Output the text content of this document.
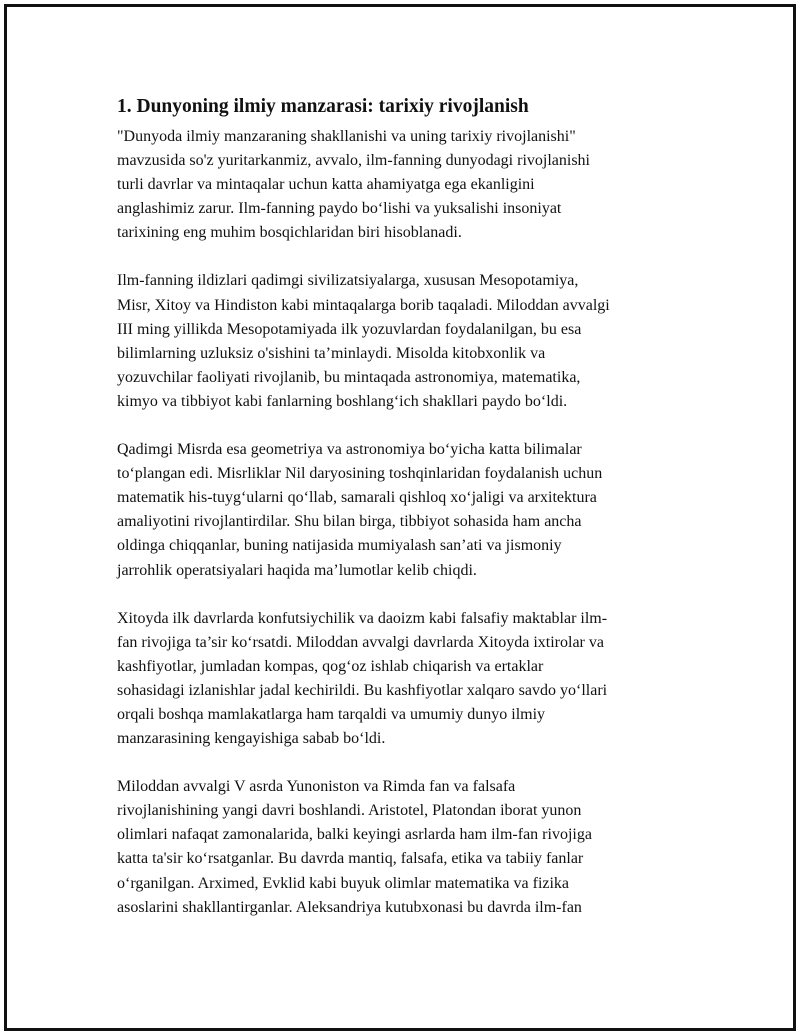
1. Dunyoning ilmiy manzarasi: tarixiy rivojlanish
"Dunyoda ilmiy manzaraning shakllanishi va uning tarixiy rivojlanishi"
mavzusida so'z yuritarkanmiz, avvalo, ilm-fanning dunyodagi rivojlanishi
turli davrlar va mintaqalar uchun katta ahamiyatga ega ekanligini
anglashimiz zarur. Ilm-fanning paydo bo‘lishi va yuksalishi insoniyat
tarixining eng muhim bosqichlaridan biri hisoblanadi.
Ilm-fanning ildizlari qadimgi sivilizatsiyalarga, xususan Mesopotamiya,
Misr, Xitoy va Hindiston kabi mintaqalarga borib taqaladi. Miloddan avvalgi
III ming yillikda Mesopotamiyada ilk yozuvlardan foydalanilgan, bu esa
bilimlarning uzluksiz o'sishini ta’minlaydi. Misolda kitobxonlik va
yozuvchilar faoliyati rivojlanib, bu mintaqada astronomiya, matematika,
kimyo va tibbiyot kabi fanlarning boshlang‘ich shakllari paydo bo‘ldi.
Qadimgi Misrda esa geometriya va astronomiya bo‘yicha katta bilimalar
to‘plangan edi. Misrliklar Nil daryosining toshqinlaridan foydalanish uchun
matematik his-tuyg‘ularni qo‘llab, samarali qishloq xo‘jaligi va arxitektura
amaliyotini rivojlantirdilar. Shu bilan birga, tibbiyot sohasida ham ancha
oldinga chiqqanlar, buning natijasida mumiyalash san’ati va jismoniy
jarrohlik operatsiyalari haqida ma’lumotlar kelib chiqdi.
Xitoyda ilk davrlarda konfutsiychilik va daoizm kabi falsafiy maktablar ilm-
fan rivojiga ta’sir ko‘rsatdi. Miloddan avvalgi davrlarda Xitoyda ixtirolar va
kashfiyotlar, jumladan kompas, qog‘oz ishlab chiqarish va ertaklar
sohasidagi izlanishlar jadal kechirildi. Bu kashfiyotlar xalqaro savdo yo‘llari
orqali boshqa mamlakatlarga ham tarqaldi va umumiy dunyo ilmiy
manzarasining kengayishiga sabab bo‘ldi.
Miloddan avvalgi V asrda Yunoniston va Rimda fan va falsafa
rivojlanishining yangi davri boshlandi. Aristotel, Platondan iborat yunon
olimlari nafaqat zamonalarida, balki keyingi asrlarda ham ilm-fan rivojiga
katta ta'sir ko‘rsatganlar. Bu davrda mantiq, falsafa, etika va tabiiy fanlar
o‘rganilgan. Arximed, Evklid kabi buyuk olimlar matematika va fizika
asoslarini shakllantirganlar. Aleksandriya kutubxonasi bu davrda ilm-fan
